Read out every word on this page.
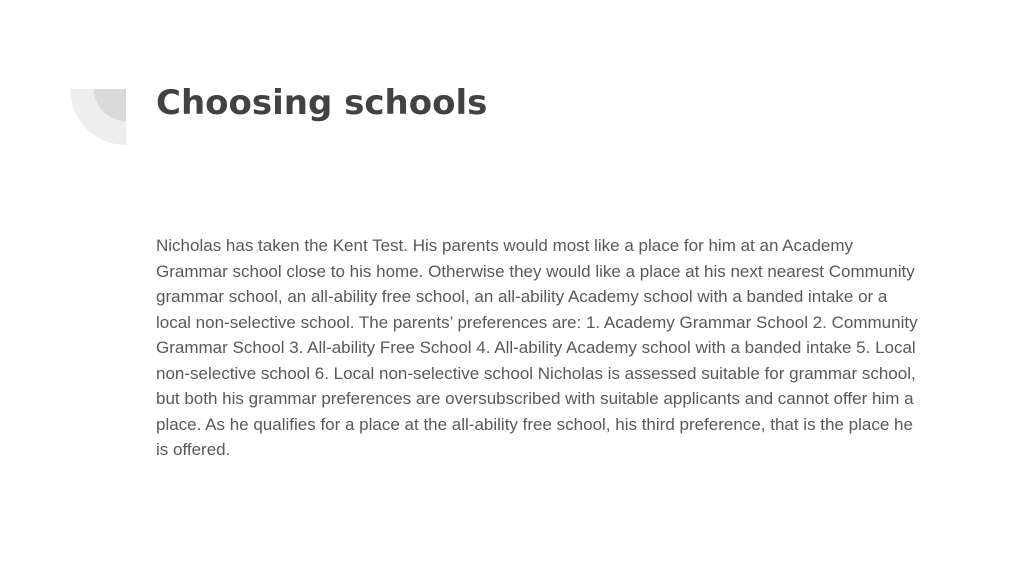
Choosing schools

Nicholas has taken the Kent Test. His parents would most like a place for him at an Academy Grammar school close to his home. Otherwise they would like a place at his next nearest Community grammar school, an all-ability free school, an all-ability Academy school with a banded intake or a local non-selective school. The parents’ preferences are: 1. Academy Grammar School 2. Community Grammar School 3. All-ability Free School 4. All-ability Academy school with a banded intake 5. Local non-selective school 6. Local non-selective school Nicholas is assessed suitable for grammar school, but both his grammar preferences are oversubscribed with suitable applicants and cannot offer him a place. As he qualifies for a place at the all-ability free school, his third preference, that is the place he is offered.
